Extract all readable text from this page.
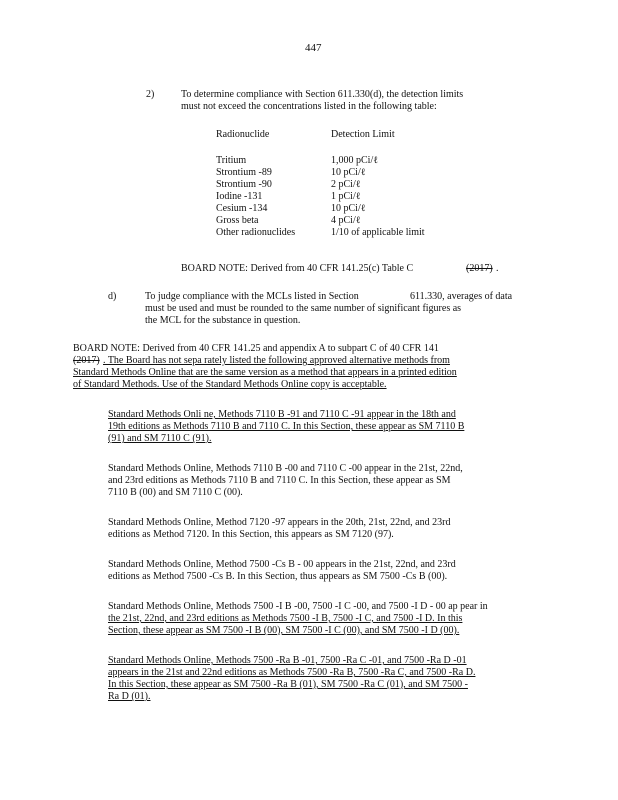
447
2)	To determine compliance with Section 611.330(d), the detection limits
must not exceed the concentrations listed in the following table:
Radionuclide	Detection Limit
Tritium	1,000 pCi/ℓ
Strontium -89	10 pCi/ℓ
Strontium -90	2 pCi/ℓ
Iodine -131	1 pCi/ℓ
Cesium -134	10 pCi/ℓ
Gross beta	4 pCi/ℓ
Other radionuclides	1/10 of applicable limit
BOARD NOTE: Derived from 40 CFR 141.25(c) Table C	(2017) .
d)	To judge compliance with the MCLs listed in Section	611.330, averages of data
must be used and must be rounded to the same number of significant figures as
the MCL for the substance in question.
BOARD NOTE: Derived from 40 CFR 141.25 and appendix A to subpart C of 40 CFR 141
(2017) . The Board has not sepa rately listed the following approved alternative methods from
Standard Methods Online that are the same version as a method that appears in a printed edition
of Standard Methods. Use of the Standard Methods Online copy is acceptable.
Standard Methods Onli ne, Methods 7110 B -91 and 7110 C -91 appear in the 18th and
19th editions as Methods 7110 B and 7110 C. In this Section, these appear as SM 7110 B
(91) and SM 7110 C (91).
Standard Methods Online, Methods 7110 B -00 and 7110 C -00 appear in the 21st, 22nd,
and 23rd editions as Methods 7110 B and 7110 C. In this Section, these appear as SM
7110 B (00) and SM 7110 C (00).
Standard Methods Online, Method 7120 -97 appears in the 20th, 21st, 22nd, and 23rd
editions as Method 7120. In this Section, this appears as SM 7120 (97).
Standard Methods Online, Method 7500 -Cs B - 00 appears in the 21st, 22nd, and 23rd
editions as Method 7500 -Cs B. In this Section, thus appears as SM 7500 -Cs B (00).
Standard Methods Online, Methods 7500 -I B -00, 7500 -I C -00, and 7500 -I D - 00 ap pear in
the 21st, 22nd, and 23rd editions as Methods 7500 -I B, 7500 -I C, and 7500 -I D. In this
Section, these appear as SM 7500 -I B (00), SM 7500 -I C (00), and SM 7500 -I D (00).
Standard Methods Online, Methods 7500 -Ra B -01, 7500 -Ra C -01, and 7500 -Ra D -01
appears in the 21st and 22nd editions as Methods 7500 -Ra B, 7500 -Ra C, and 7500 -Ra D.
In this Section, these appear as SM 7500 -Ra B (01), SM 7500 -Ra C (01), and SM 7500 -
Ra D (01).
